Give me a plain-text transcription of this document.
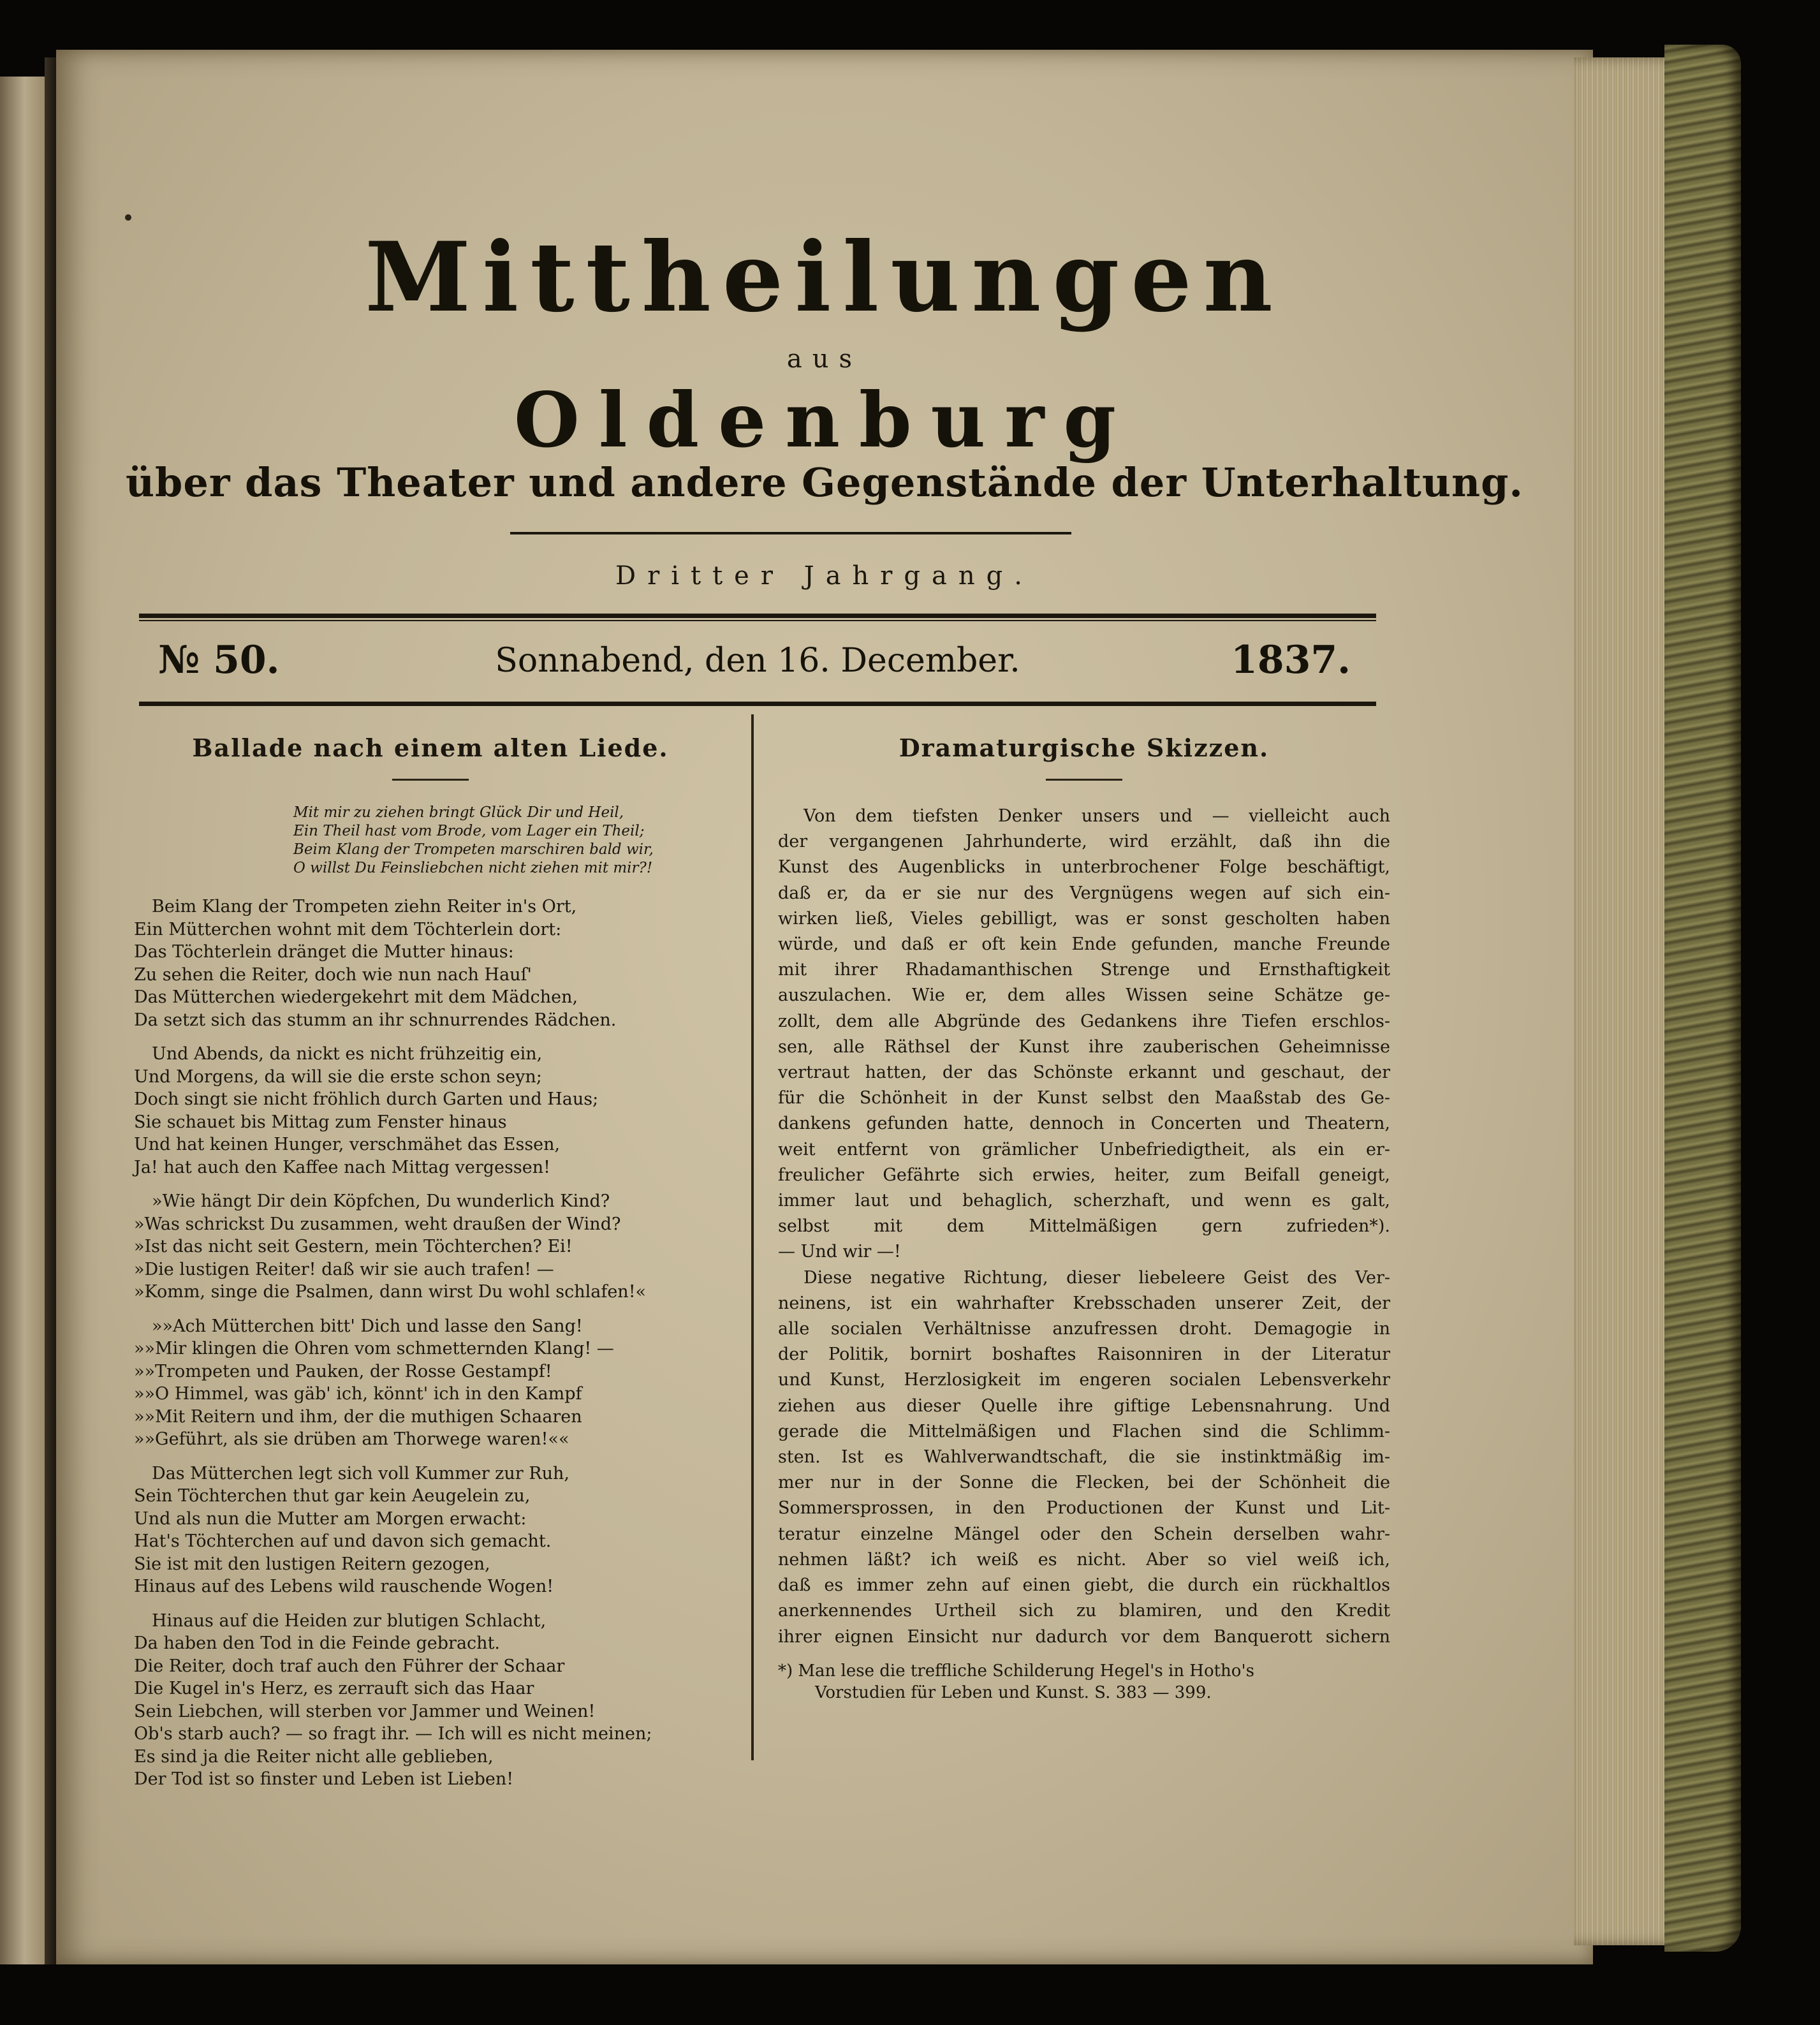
Mittheilungen
aus
Oldenburg
über das Theater und andere Gegenstände der Unterhaltung.
Dritter Jahrgang.
№ 50.	Sonnabend, den 16. December.	1837.
Ballade nach einem alten Liede.
Mit mir zu ziehen bringt Glück Dir und Heil,
Ein Theil hast vom Brode, vom Lager ein Theil;
Beim Klang der Trompeten marschiren bald wir,
O willst Du Feinsliebchen nicht ziehen mit mir?!
Beim Klang der Trompeten ziehn Reiter in's Ort,
Ein Mütterchen wohnt mit dem Töchterlein dort:
Das Töchterlein dränget die Mutter hinaus:
Zu sehen die Reiter, doch wie nun nach Hauſ'
Das Mütterchen wiedergekehrt mit dem Mädchen,
Da setzt sich das stumm an ihr schnurrendes Rädchen.
Und Abends, da nickt es nicht frühzeitig ein,
Und Morgens, da will sie die erste schon seyn;
Doch singt sie nicht fröhlich durch Garten und Haus;
Sie schauet bis Mittag zum Fenster hinaus
Und hat keinen Hunger, verschmähet das Essen,
Ja! hat auch den Kaffee nach Mittag vergessen!
»Wie hängt Dir dein Köpfchen, Du wunderlich Kind?
»Was schrickst Du zusammen, weht draußen der Wind?
»Ist das nicht seit Gestern, mein Töchterchen? Ei!
»Die lustigen Reiter! daß wir sie auch trafen! —
»Komm, singe die Psalmen, dann wirst Du wohl schlafen!«
»»Ach Mütterchen bitt' Dich und lasse den Sang!
»»Mir klingen die Ohren vom schmetternden Klang! —
»»Trompeten und Pauken, der Rosse Gestampf!
»»O Himmel, was gäb' ich, könnt' ich in den Kampf
»»Mit Reitern und ihm, der die muthigen Schaaren
»»Geführt, als sie drüben am Thorwege waren!««
Das Mütterchen legt sich voll Kummer zur Ruh,
Sein Töchterchen thut gar kein Aeugelein zu,
Und als nun die Mutter am Morgen erwacht:
Hat's Töchterchen auf und davon sich gemacht.
Sie ist mit den lustigen Reitern gezogen,
Hinaus auf des Lebens wild rauschende Wogen!
Hinaus auf die Heiden zur blutigen Schlacht,
Da haben den Tod in die Feinde gebracht.
Die Reiter, doch traf auch den Führer der Schaar
Die Kugel in's Herz, es zerrauft sich das Haar
Sein Liebchen, will sterben vor Jammer und Weinen!
Ob's starb auch? — so fragt ihr. — Ich will es nicht meinen;
Es sind ja die Reiter nicht alle geblieben,
Der Tod ist so finster und Leben ist Lieben!
Dramaturgische Skizzen.
Von dem tiefsten Denker unsers und — vielleicht auch
der vergangenen Jahrhunderte, wird erzählt, daß ihn die
Kunst des Augenblicks in unterbrochener Folge beschäftigt,
daß er, da er sie nur des Vergnügens wegen auf sich ein-
wirken ließ, Vieles gebilligt, was er sonst gescholten haben
würde, und daß er oft kein Ende gefunden, manche Freunde
mit ihrer Rhadamanthischen Strenge und Ernsthaftigkeit
auszulachen. Wie er, dem alles Wissen seine Schätze ge-
zollt, dem alle Abgründe des Gedankens ihre Tiefen erschlos-
sen, alle Räthsel der Kunst ihre zauberischen Geheimnisse
vertraut hatten, der das Schönste erkannt und geschaut, der
für die Schönheit in der Kunst selbst den Maaßstab des Ge-
dankens gefunden hatte, dennoch in Concerten und Theatern,
weit entfernt von grämlicher Unbefriedigtheit, als ein er-
freulicher Gefährte sich erwies, heiter, zum Beifall geneigt,
immer laut und behaglich, scherzhaft, und wenn es galt,
selbst mit dem Mittelmäßigen gern zufrieden*).
— Und wir —!
Diese negative Richtung, dieser liebeleere Geist des Ver-
neinens, ist ein wahrhafter Krebsschaden unserer Zeit, der
alle socialen Verhältnisse anzufressen droht. Demagogie in
der Politik, bornirt boshaftes Raisonniren in der Literatur
und Kunst, Herzlosigkeit im engeren socialen Lebensverkehr
ziehen aus dieser Quelle ihre giftige Lebensnahrung. Und
gerade die Mittelmäßigen und Flachen sind die Schlimm-
sten. Ist es Wahlverwandtschaft, die sie instinktmäßig im-
mer nur in der Sonne die Flecken, bei der Schönheit die
Sommersprossen, in den Productionen der Kunst und Lit-
teratur einzelne Mängel oder den Schein derselben wahr-
nehmen läßt? ich weiß es nicht. Aber so viel weiß ich,
daß es immer zehn auf einen giebt, die durch ein rückhaltlos
anerkennendes Urtheil sich zu blamiren, und den Kredit
ihrer eignen Einsicht nur dadurch vor dem Banquerott sichern
*) Man lese die treffliche Schilderung Hegel's in Hotho's
Vorstudien für Leben und Kunst. S. 383 — 399.
